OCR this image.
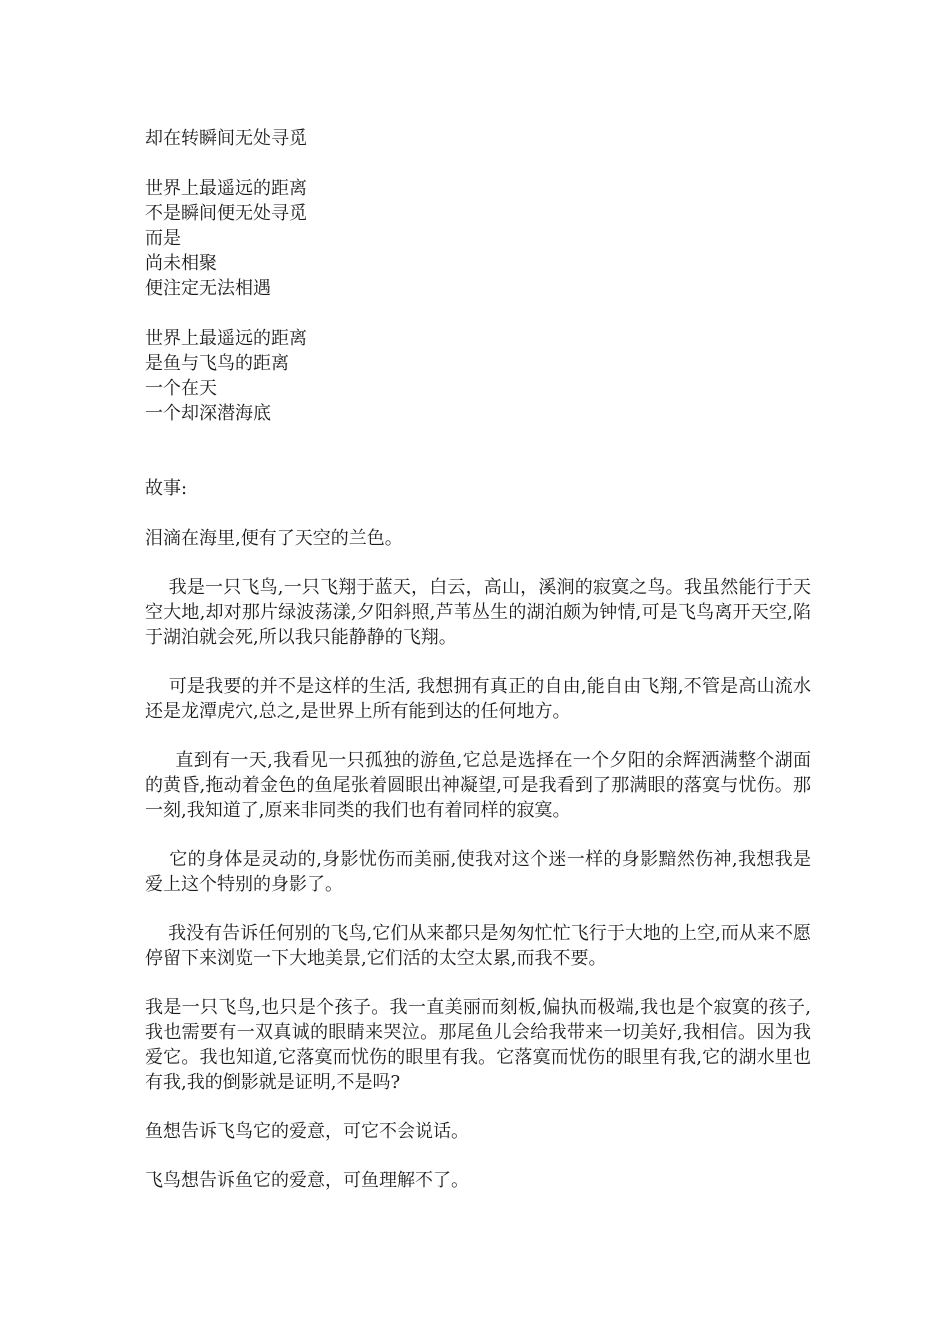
却在转瞬间无处寻觅
世界上最遥远的距离
不是瞬间便无处寻觅
而是
尚未相聚
便注定无法相遇
世界上最遥远的距离
是鱼与飞鸟的距离
一个在天
一个却深潜海底
故事:

泪滴在海里,便有了天空的兰色。

我是一只飞鸟,一只飞翔于蓝天，白云，高山，溪涧的寂寞之鸟。我虽然能行于天空大地,却对那片绿波荡漾,夕阳斜照,芦苇丛生的湖泊颇为钟情,可是飞鸟离开天空,陷于湖泊就会死,所以我只能静静的飞翔。

可是我要的并不是这样的生活, 我想拥有真正的自由,能自由飞翔,不管是高山流水还是龙潭虎穴,总之,是世界上所有能到达的任何地方。

直到有一天,我看见一只孤独的游鱼,它总是选择在一个夕阳的余辉洒满整个湖面的黄昏,拖动着金色的鱼尾张着圆眼出神凝望,可是我看到了那满眼的落寞与忧伤。那一刻,我知道了,原来非同类的我们也有着同样的寂寞。

它的身体是灵动的,身影忧伤而美丽,使我对这个迷一样的身影黯然伤神,我想我是爱上这个特别的身影了。

我没有告诉任何别的飞鸟,它们从来都只是匆匆忙忙飞行于大地的上空,而从来不愿停留下来浏览一下大地美景,它们活的太空太累,而我不要。

我是一只飞鸟,也只是个孩子。我一直美丽而刻板,偏执而极端,我也是个寂寞的孩子,我也需要有一双真诚的眼睛来哭泣。那尾鱼儿会给我带来一切美好,我相信。因为我爱它。我也知道,它落寞而忧伤的眼里有我。它落寞而忧伤的眼里有我,它的湖水里也有我,我的倒影就是证明,不是吗?

鱼想告诉飞鸟它的爱意，可它不会说话。

飞鸟想告诉鱼它的爱意，可鱼理解不了。
